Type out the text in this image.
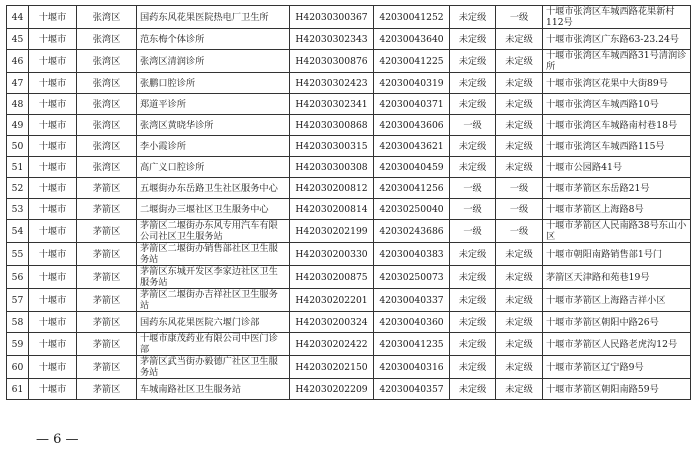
44	十堰市	张湾区	国药东风花果医院热电厂卫生所	H42030300367	42030041252	未定级	一级	十堰市张湾区车城西路花果新村112号
45	十堰市	张湾区	范东梅个体诊所	H42030302343	42030043640	未定级	未定级	十堰市张湾区广东路63-23.24号
46	十堰市	张湾区	张湾区清润诊所	H42030300876	42030041225	未定级	未定级	十堰市张湾区车城西路31号清润诊所
47	十堰市	张湾区	张鹏口腔诊所	H42030302423	42030040319	未定级	未定级	十堰市张湾区花果中大街89号
48	十堰市	张湾区	郑道平诊所	H42030302341	42030040371	未定级	未定级	十堰市张湾区车城西路10号
49	十堰市	张湾区	张湾区黄晓华诊所	H42030300868	42030043606	一级	未定级	十堰市张湾区车城路南村巷18号
50	十堰市	张湾区	李小霞诊所	H42030300315	42030043621	未定级	未定级	十堰市张湾区车城西路115号
51	十堰市	张湾区	高广义口腔诊所	H42030300308	42030040459	未定级	未定级	十堰市公园路41号
52	十堰市	茅箭区	五堰街办东岳路卫生社区服务中心	H42030200812	42030041256	一级	一级	十堰市茅箭区东岳路21号
53	十堰市	茅箭区	二堰街办三堰社区卫生服务中心	H42030200814	42030250040	一级	一级	十堰市茅箭区上海路8号
54	十堰市	茅箭区	茅箭区二堰街办东风专用汽车有限公司社区卫生服务站	H42030202199	42030243686	一级	一级	十堰市茅箭区人民南路38号东山小区
55	十堰市	茅箭区	茅箭区二堰街办销售部社区卫生服务站	H42030200330	42030040383	未定级	未定级	十堰市朝阳南路销售部1号门
56	十堰市	茅箭区	茅箭区东城开发区李家边社区卫生服务站	H42030200875	42030250073	未定级	未定级	茅箭区天津路和苑巷19号
57	十堰市	茅箭区	茅箭区二堰街办吉祥社区卫生服务站	H42030202201	42030040337	未定级	未定级	十堰市茅箭区上海路吉祥小区
58	十堰市	茅箭区	国药东风花果医院六堰门诊部	H42030200324	42030040360	未定级	未定级	十堰市茅箭区朝阳中路26号
59	十堰市	茅箭区	十堰市康茂药业有限公司中医门诊部	H42030202422	42030041235	未定级	未定级	十堰市茅箭区人民路老虎沟12号
60	十堰市	茅箭区	茅箭区武当街办毅德广社区卫生服务站	H42030202150	42030040316	未定级	未定级	十堰市茅箭区辽宁路9号
61	十堰市	茅箭区	车城南路社区卫生服务站	H42030202209	42030040357	未定级	未定级	十堰市茅箭区朝阳南路59号
— 6 —
